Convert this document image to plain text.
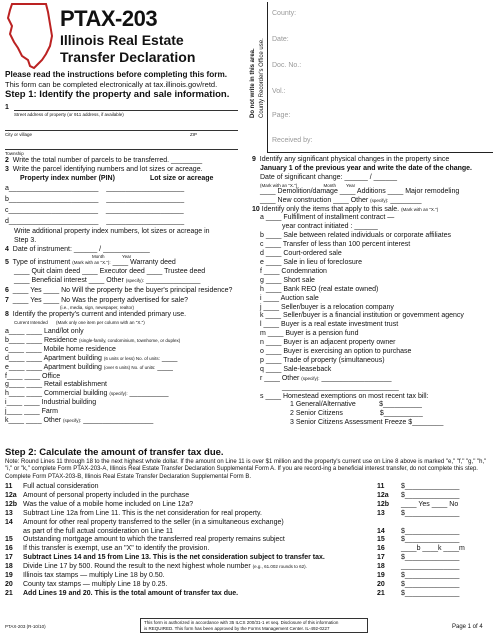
PTAX-203
Illinois Real Estate
Transfer Declaration
Please read the instructions before completing this form.
This form can be completed electronically at tax.illinois.gov/retd.	Do not write in this area. County Recorder's Office use.
County:
Date:
Doc. No.:
Vol.:
Page:
Received by:
Step 1: Identify the property and sale information.
1
Street address of property (or 911 address, if available)
City or village	ZIP
Township
2 Write the total number of parcels to be transferred. ________
3 Write the parcel identifying numbers and lot sizes or acreage.
Property index number (PIN)	Lot size or acreage
a_______________________    ____________________
b_______________________    ____________________
c_______________________    ____________________
d_______________________    ____________________
Write additional property index numbers, lot sizes or acreage in
Step 3.
4 Date of instrument: ______ / ____________
Month	Year
5 Type of instrument (Mark with an "X."): ____ Warranty deed
____ Quit claim deed ____ Executor deed ____ Trustee deed
____ Beneficial interest ____ Other (specify): ______________
6  ____ Yes ____ No Will the property be the buyer's principal residence?
7  ____ Yes ____ No Was the property advertised for sale?
(i.e., media, sign, newspaper, realtor)
8 Identify the property's current and intended primary use.
Current Intended (Mark only one item per column with an "X.")
a____ ____ Land/lot only
b____ ____ Residence (single-family, condominium, townhome, or duplex)
c____ ____ Mobile home residence
d____ ____ Apartment building (6 units or less) No. of units: ____
e____ ____ Apartment building (over 6 units) No. of units: ____
f____ ____ Office
g____ ____ Retail establishment
h____ ____ Commercial building (specify): __________
i____ ____ Industrial building
j____ ____ Farm
k____ ____ Other (specify): __________________
9 Identify any significant physical changes in the property since
January 1 of the previous year and write the date of the change.
Date of significant change: ______ / ______
(Mark with an "X.")	Month Year
____ Demolition/damage ____ Additions ____ Major remodeling
____ New construction ____ Other (specify): ________
10 Identify only the items that apply to this sale. (Mark with an "X.")
a ____ Fulfillment of installment contract —
year contract initiated : ______
b ____ Sale between related individuals or corporate affiliates
c ____ Transfer of less than 100 percent interest
d ____ Court-ordered sale
e ____ Sale in lieu of foreclosure
f ____ Condemnation
g ____ Short sale
h ____ Bank REO (real estate owned)
i ____ Auction sale
j ____ Seller/buyer is a relocation company
k ____ Seller/buyer is a financial institution or government agency
l ____ Buyer is a real estate investment trust
m ____ Buyer is a pension fund
n ____ Buyer is an adjacent property owner
o ____ Buyer is exercising an option to purchase
p ____ Trade of property (simultaneous)
q ____ Sale-leaseback
r ____ Other (specify): __________________
______________________________
s ____ Homestead exemptions on most recent tax bill:
1 General/Alternative	$__________
2 Senior Citizens	$__________
3 Senior Citizens Assessment Freeze $________
Step 2: Calculate the amount of transfer tax due.
Note: Round Lines 11 through 18 to the next highest whole dollar. If the amount on Line 11 is over $1 million and the property's current use on Line 8 above is marked "e," "f," "g," "h," "i," or "k," complete Form PTAX-203-A, Illinois Real Estate Transfer Declaration Supplemental Form A. If you are record-ing a beneficial interest transfer, do not complete this step. Complete Form PTAX-203-B, Illinois Real Estate Transfer Declaration Supplemental Form B.
11	Full actual consideration	11	$______________
12a Amount of personal property included in the purchase	12a	$______________
12b Was the value of a mobile home included on Line 12a?	12b	____ Yes ____ No
13	Subtract Line 12a from Line 11. This is the net consideration for real property.	13	$______________
14	Amount for other real property transferred to the seller (in a simultaneous exchange)
as part of the full actual consideration on Line 11	14	$______________
15	Outstanding mortgage amount to which the transferred real property remains subject	15	$______________
16	If this transfer is exempt, use an "X" to identify the provision.	16	____b ____k ____m
17	Subtract Lines 14 and 15 from Line 13. This is the net consideration subject to transfer tax.	17	$______________
18	Divide Line 17 by 500. Round the result to the next highest whole number (e.g., 61.002 rounds to 62).	18	_______________
19	Illinois tax stamps — multiply Line 18 by 0.50.	19	$______________
20	County tax stamps — multiply Line 18 by 0.25.	20	$______________
21	Add Lines 19 and 20. This is the total amount of transfer tax due.	21	$______________
PTAX-203 (R-10/10)
This form is authorized in accordance with 35 ILCS 200/31-1 et seq. Disclosure of this information
is REQUIRED. This form has been approved by the Forms Management Center. IL-492-0227	Page 1 of 4
